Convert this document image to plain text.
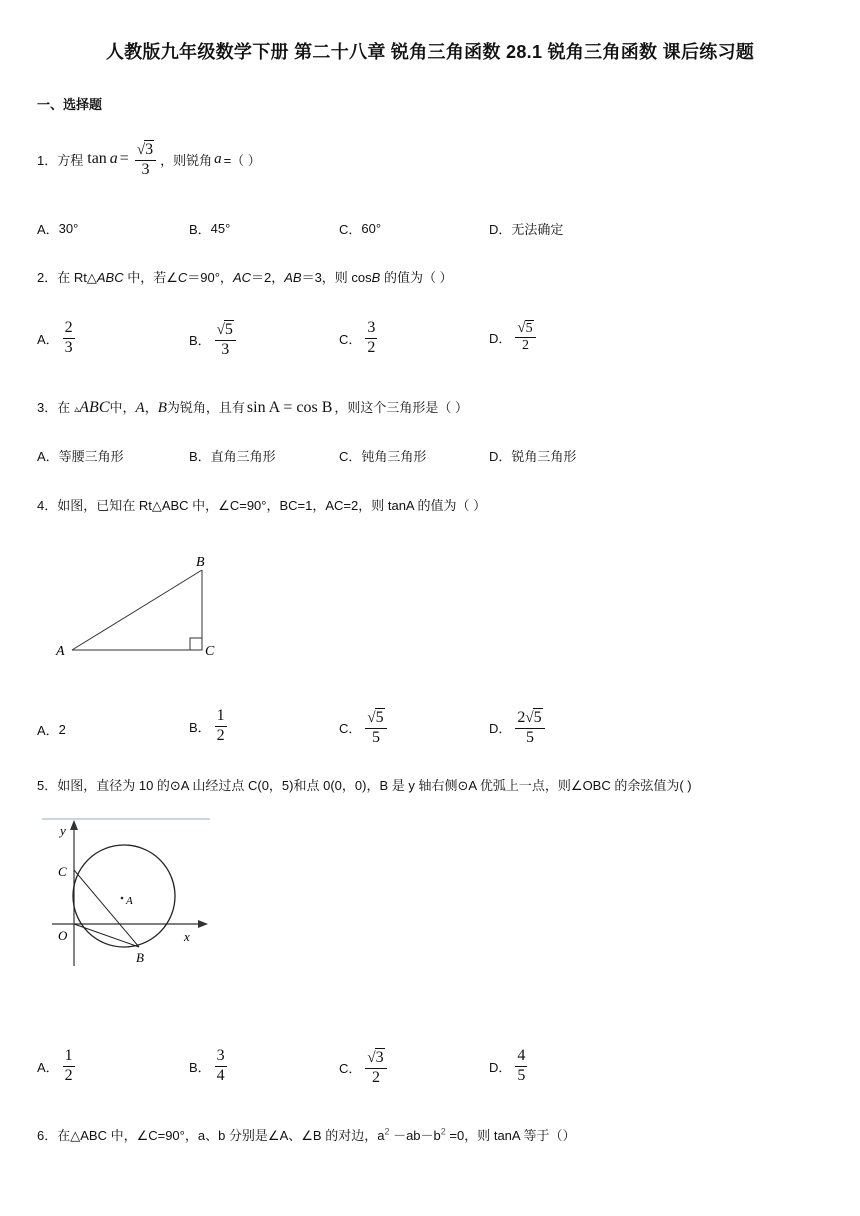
人教版九年级数学下册 第二十八章 锐角三角函数 28.1 锐角三角函数 课后练习题
一、选择题
1． 方程 $\tan a = \frac{√ 3}{3}$ ，则锐角 a =（ ）
A． 30°	B． 45°	C． 60°	D． 无法确定
2．在 Rt△ABC 中，若∠C＝90°，AC＝2，AB＝3，则 cosB 的值为（ ）
A． $\frac{2}{3}$	B． $\frac{√ 5}{3}$	C． $\frac{3}{2}$	D． $\frac{√ 5}{2}$
3． 在 ▵ ABC 中， A ， B 为锐角，且有 sin A = cos B ，则这个三角形是（ ）
A． 等腰三角形	B． 直角三角形	C． 钝角三角形	D． 锐角三角形
4．如图，已知在 Rt△ABC 中，∠C=90°，BC=1，AC=2，则 tanA 的值为（ ）
B
A	C
A． 2	B． $\frac{1}{2}$	C． $\frac{√ 5}{5}$	D． $\frac{2 √ 5}{5}$
5．如图，直径为 10 的⊙A 山经过点 C(0，5)和点 0(0，0)，B 是 y 轴右侧⊙A 优弧上一点，则∠OBC 的余弦值为( )
y
x
C
O
A
B
A． $\frac{1}{2}$	B． $\frac{3}{4}$	C． $\frac{√ 3}{2}$	D． $\frac{4}{5}$
6．在△ABC 中，∠C=90°，a、b 分别是∠A、∠B 的对边，$a^2 -ab-b^2 =0$，则 tanA 等于（）
